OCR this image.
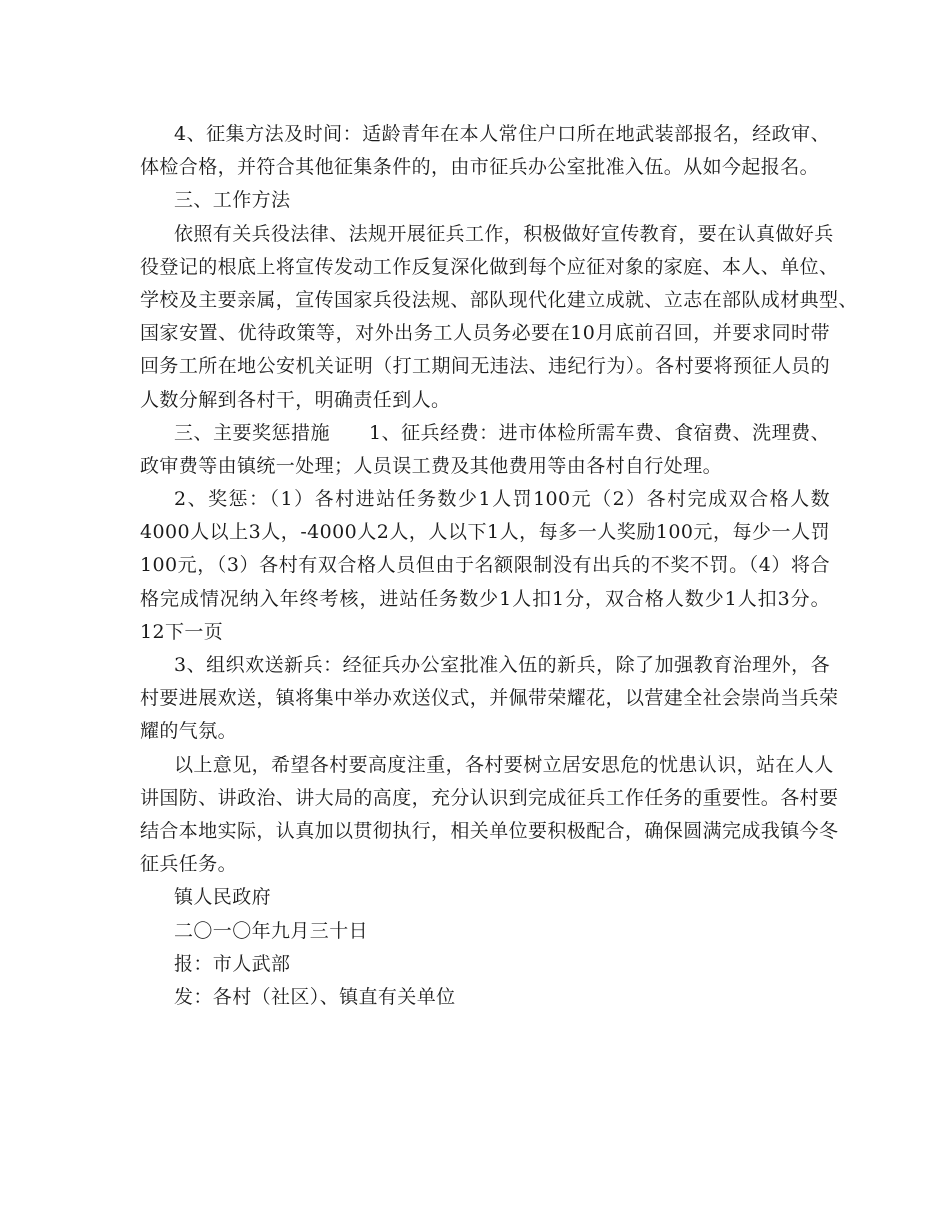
4、征集方法及时间：适龄青年在本人常住户口所在地武装部报名，经政审、
体检合格，并符合其他征集条件的，由市征兵办公室批准入伍。从如今起报名。
三、工作方法
依照有关兵役法律、法规开展征兵工作，积极做好宣传教育，要在认真做好兵
役登记的根底上将宣传发动工作反复深化做到每个应征对象的家庭、本人、单位、
学校及主要亲属，宣传国家兵役法规、部队现代化建立成就、立志在部队成材典型、
国家安置、优待政策等，对外出务工人员务必要在10月底前召回，并要求同时带
回务工所在地公安机关证明（打工期间无违法、违纪行为）。各村要将预征人员的
人数分解到各村干，明确责任到人。
三、主要奖惩措施　　1、征兵经费：进市体检所需车费、食宿费、洗理费、
政审费等由镇统一处理；人员误工费及其他费用等由各村自行处理。
2、奖惩：（1）各村进站任务数少1人罚100元（2）各村完成双合格人数
4000人以上3人，-4000人2人，人以下1人，每多一人奖励100元，每少一人罚
100元，（3）各村有双合格人员但由于名额限制没有出兵的不奖不罚。（4）将合
格完成情况纳入年终考核，进站任务数少1人扣1分，双合格人数少1人扣3分。
12下一页
3、组织欢送新兵：经征兵办公室批准入伍的新兵，除了加强教育治理外，各
村要进展欢送，镇将集中举办欢送仪式，并佩带荣耀花，以营建全社会崇尚当兵荣
耀的气氛。
以上意见，希望各村要高度注重，各村要树立居安思危的忧患认识，站在人人
讲国防、讲政治、讲大局的高度，充分认识到完成征兵工作任务的重要性。各村要
结合本地实际，认真加以贯彻执行，相关单位要积极配合，确保圆满完成我镇今冬
征兵任务。
镇人民政府
二〇一〇年九月三十日
报：市人武部
发：各村（社区）、镇直有关单位
